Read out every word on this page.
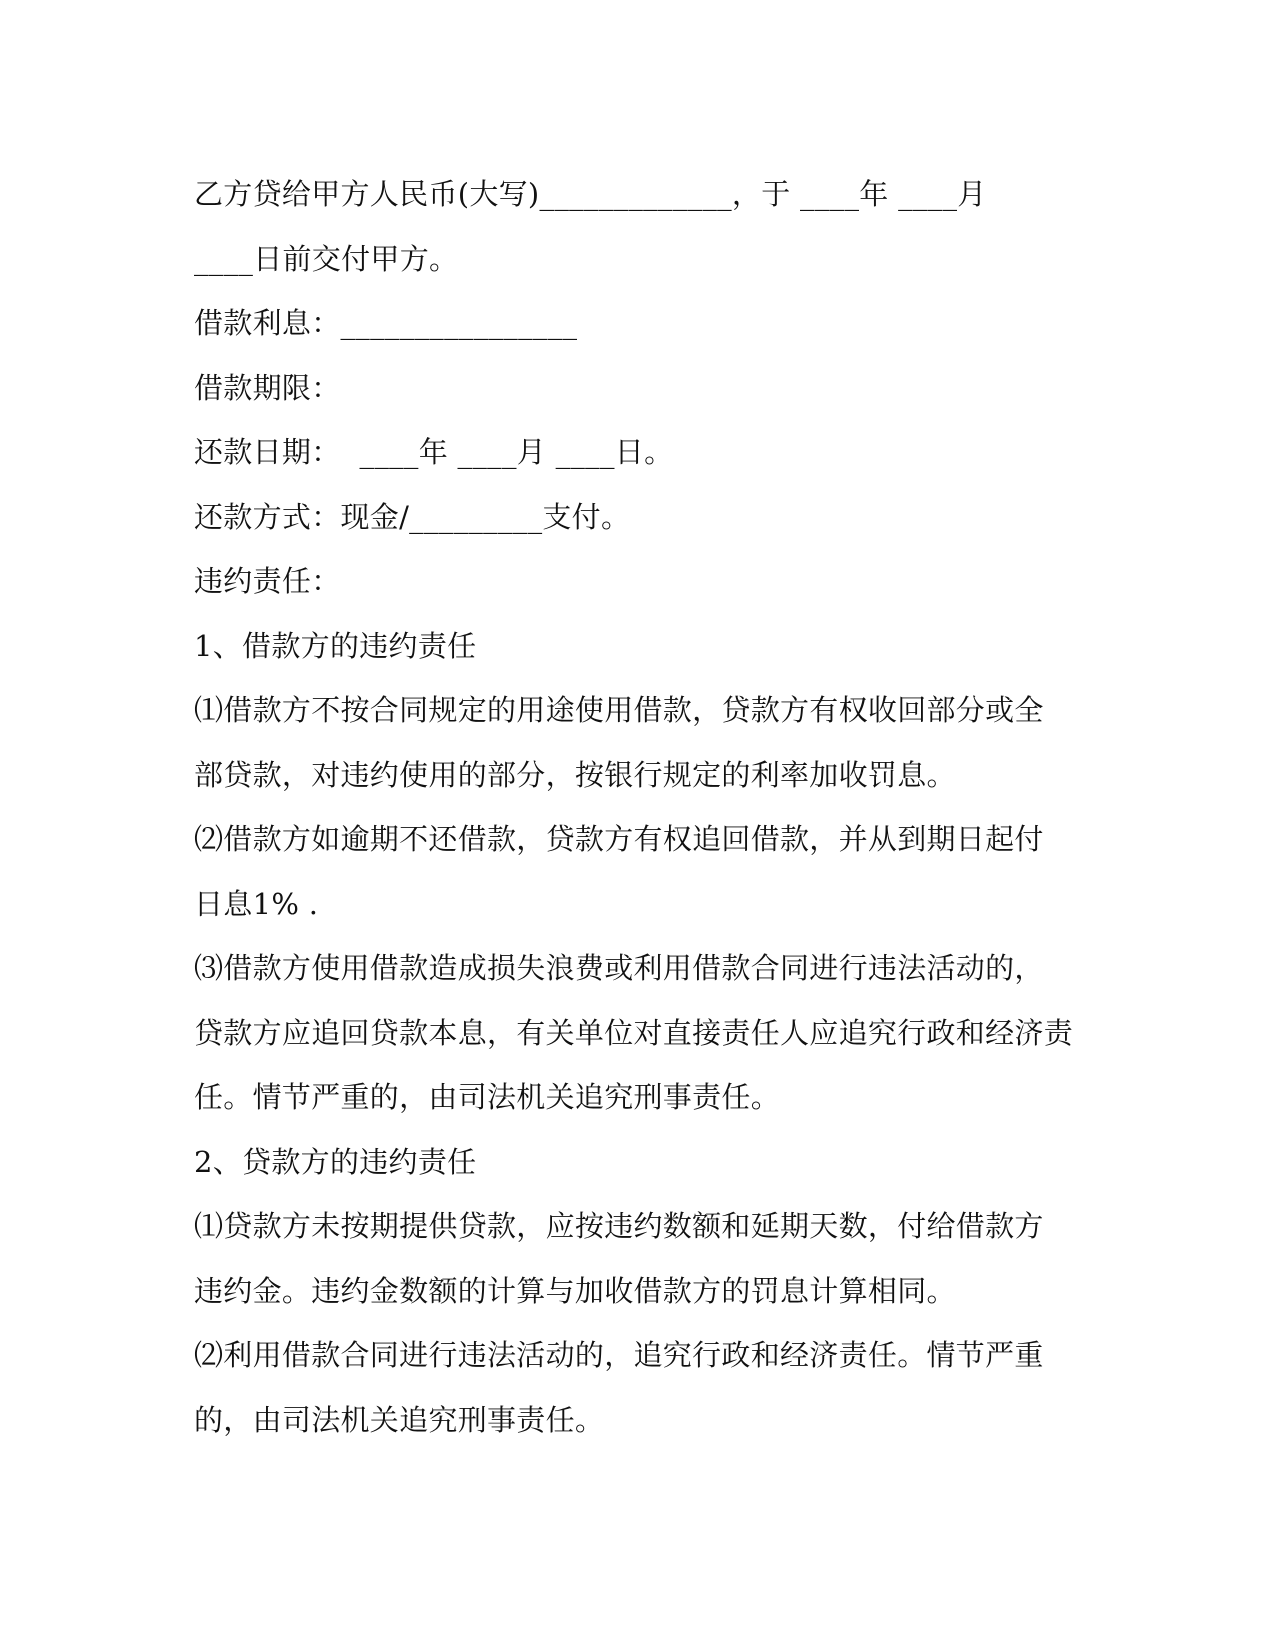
乙方贷给甲方人民币(大写)_____________，于 ____年 ____月
____日前交付甲方。
借款利息：________________
借款期限：
还款日期：  ____年 ____月 ____日。
还款方式：现金/_________支付。
违约责任：
1、借款方的违约责任
⑴借款方不按合同规定的用途使用借款，贷款方有权收回部分或全
部贷款，对违约使用的部分，按银行规定的利率加收罚息。
⑵借款方如逾期不还借款，贷款方有权追回借款，并从到期日起付
日息1% .
⑶借款方使用借款造成损失浪费或利用借款合同进行违法活动的，
贷款方应追回贷款本息，有关单位对直接责任人应追究行政和经济责
任。情节严重的，由司法机关追究刑事责任。
2、贷款方的违约责任
⑴贷款方未按期提供贷款，应按违约数额和延期天数，付给借款方
违约金。违约金数额的计算与加收借款方的罚息计算相同。
⑵利用借款合同进行违法活动的，追究行政和经济责任。情节严重
的，由司法机关追究刑事责任。
